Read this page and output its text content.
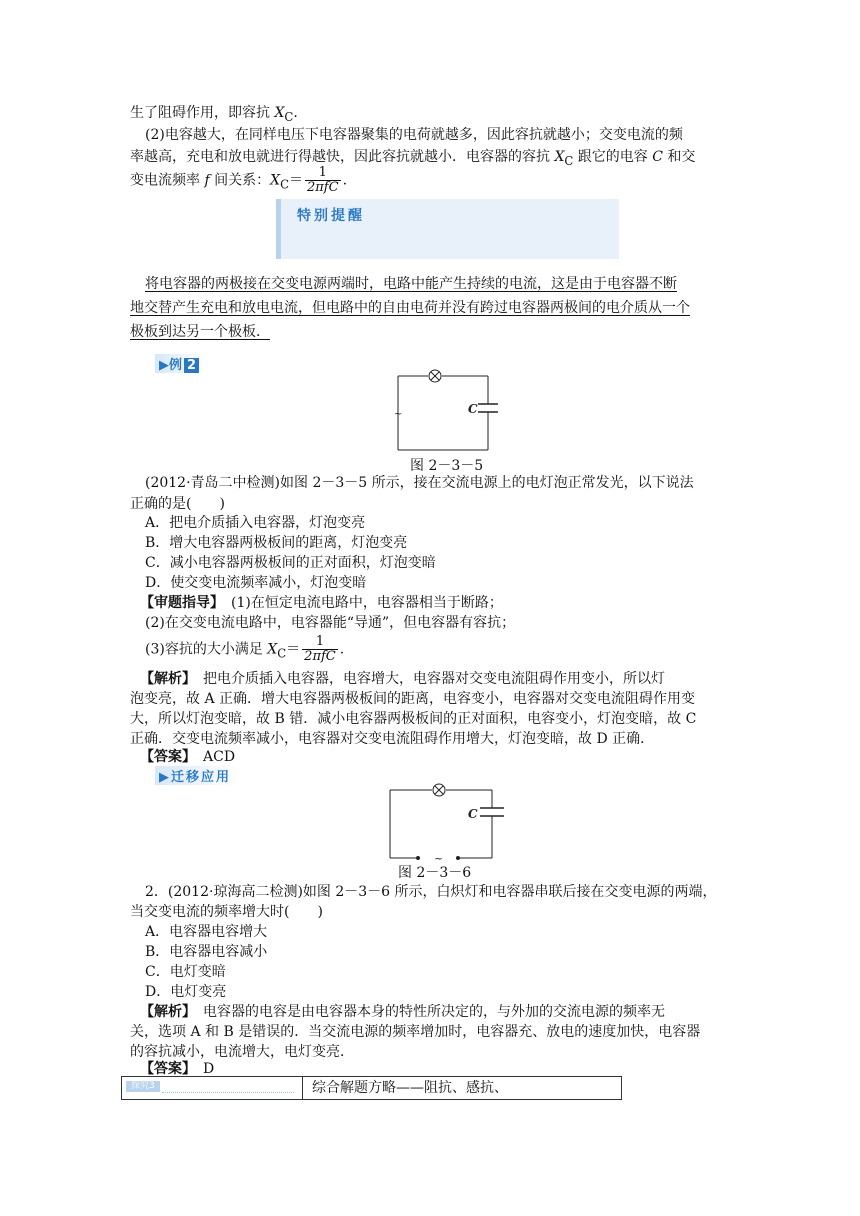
生了阻碍作用，即容抗 $X_C$.
(2)电容越大，在同样电压下电容器聚集的电荷就越多，因此容抗就越小；交变电流的频
率越高，充电和放电就进行得越快，因此容抗就越小．电容器的容抗 $X_C$ 跟它的电容 C 和交
变电流频率 f 间关系：$X_C= \frac{1}{\text{2πfC}}$ .
特别提醒
将电容器的两极接在交变电源两端时，电路中能产生持续的电流，这是由于电容器不断
地交替产生充电和放电电流，但电路中的自由电荷并没有跨过电容器两极间的电介质从一个
极板到达另一个极板．
▶例 2
~	C
图 2－3－5
(2012·青岛二中检测)如图 2－3－5 所示，接在交流电源上的电灯泡正常发光，以下说法
正确的是(　　)
A．把电介质插入电容器，灯泡变亮
B．增大电容器两极板间的距离，灯泡变亮
C．减小电容器两极板间的正对面积，灯泡变暗
D．使交变电流频率减小，灯泡变暗
【审题指导】　(1)在恒定电流电路中，电容器相当于断路；
(2)在交变电流电路中，电容器能“导通”，但电容器有容抗；
(3)容抗的大小满足 $X_C= \frac{1}{\text{2πfC}}$ .
【解析】　把电介质插入电容器，电容增大，电容器对交变电流阻碍作用变小，所以灯
泡变亮，故 A 正确．增大电容器两极板间的距离，电容变小，电容器对交变电流阻碍作用变
大，所以灯泡变暗，故 B 错．减小电容器两极板间的正对面积，电容变小，灯泡变暗，故 C
正确．交变电流频率减小，电容器对交变电流阻碍作用增大，灯泡变暗，故 D 正确．
【答案】　ACD
▶迁移应用
~
C
图 2－3－6
2．(2012·琼海高二检测)如图 2－3－6 所示，白炽灯和电容器串联后接在交变电源的两端，
当交变电流的频率增大时(　　)
A．电容器电容增大
B．电容器电容减小
C．电灯变暗
D．电灯变亮
【解析】　电容器的电容是由电容器本身的特性所决定的，与外加的交流电源的频率无
关，选项 A 和 B 是错误的．当交流电源的频率增加时，电容器充、放电的速度加快，电容器
的容抗减小，电流增大，电灯变亮．
【答案】　D
探究3	综合解题方略——阻抗、感抗、
